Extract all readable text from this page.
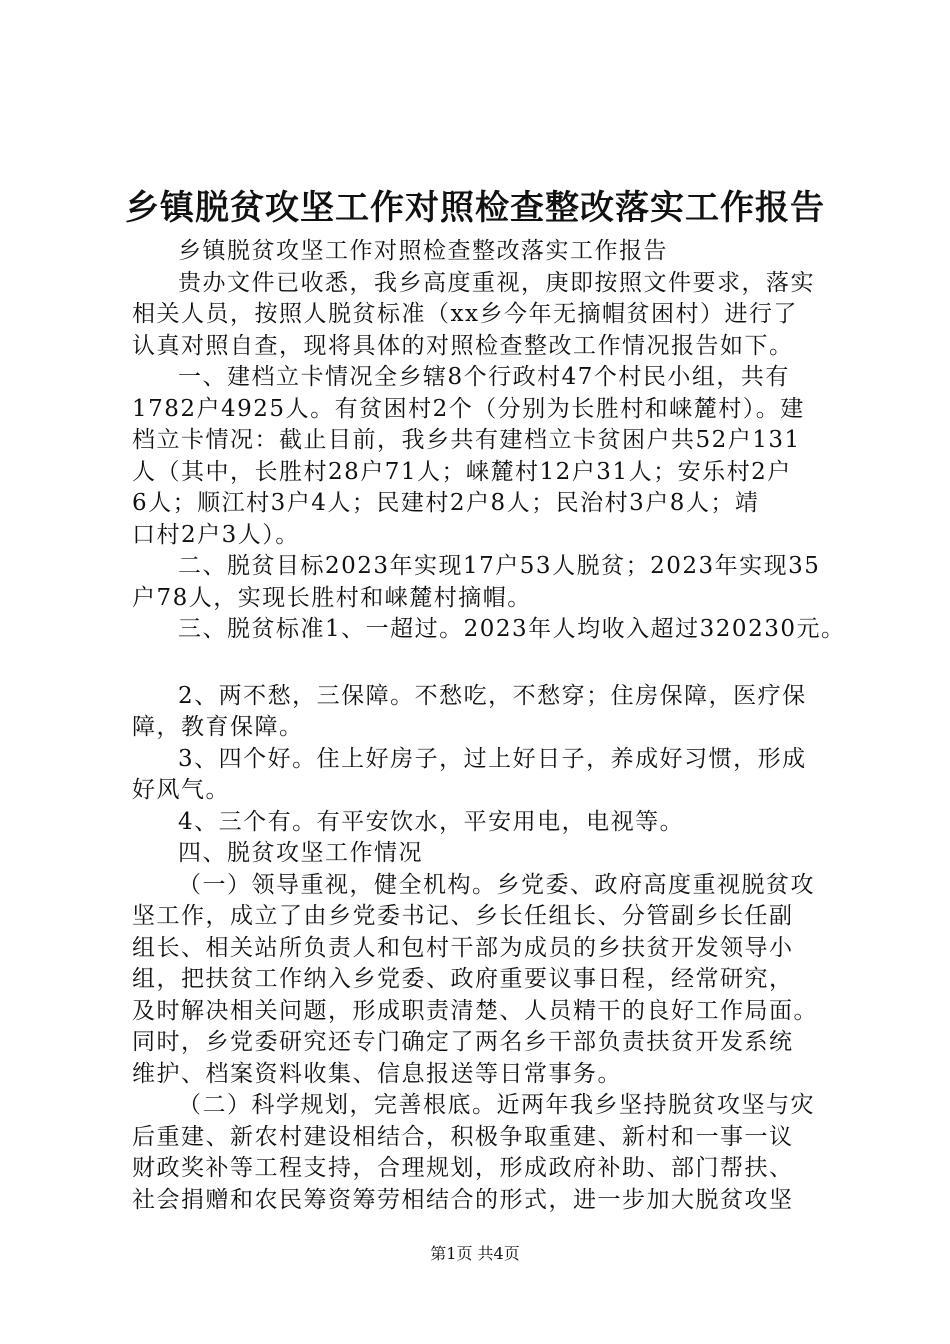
乡镇脱贫攻坚工作对照检查整改落实工作报告
乡镇脱贫攻坚工作对照检查整改落实工作报告
贵办文件已收悉，我乡高度重视，庚即按照文件要求，落实
相关人员，按照人脱贫标准（xx乡今年无摘帽贫困村）进行了
认真对照自查，现将具体的对照检查整改工作情况报告如下。
一、建档立卡情况全乡辖8个行政村47个村民小组，共有
1782户4925人。有贫困村2个（分别为长胜村和崃麓村）。建
档立卡情况：截止目前，我乡共有建档立卡贫困户共52户131
人（其中，长胜村28户71人；崃麓村12户31人；安乐村2户
6人；顺江村3户4人；民建村2户8人；民治村3户8人；靖
口村2户3人）。
二、脱贫目标2023年实现17户53人脱贫；2023年实现35
户78人，实现长胜村和崃麓村摘帽。
三、脱贫标准1、一超过。2023年人均收入超过320230元。
2、两不愁，三保障。不愁吃，不愁穿；住房保障，医疗保
障，教育保障。
3、四个好。住上好房子，过上好日子，养成好习惯，形成
好风气。
4、三个有。有平安饮水，平安用电，电视等。
四、脱贫攻坚工作情况
（一）领导重视，健全机构。乡党委、政府高度重视脱贫攻
坚工作，成立了由乡党委书记、乡长任组长、分管副乡长任副
组长、相关站所负责人和包村干部为成员的乡扶贫开发领导小
组，把扶贫工作纳入乡党委、政府重要议事日程，经常研究，
及时解决相关问题，形成职责清楚、人员精干的良好工作局面。
同时，乡党委研究还专门确定了两名乡干部负责扶贫开发系统
维护、档案资料收集、信息报送等日常事务。
（二）科学规划，完善根底。近两年我乡坚持脱贫攻坚与灾
后重建、新农村建设相结合，积极争取重建、新村和一事一议
财政奖补等工程支持，合理规划，形成政府补助、部门帮扶、
社会捐赠和农民筹资筹劳相结合的形式，进一步加大脱贫攻坚
第1页 共4页
